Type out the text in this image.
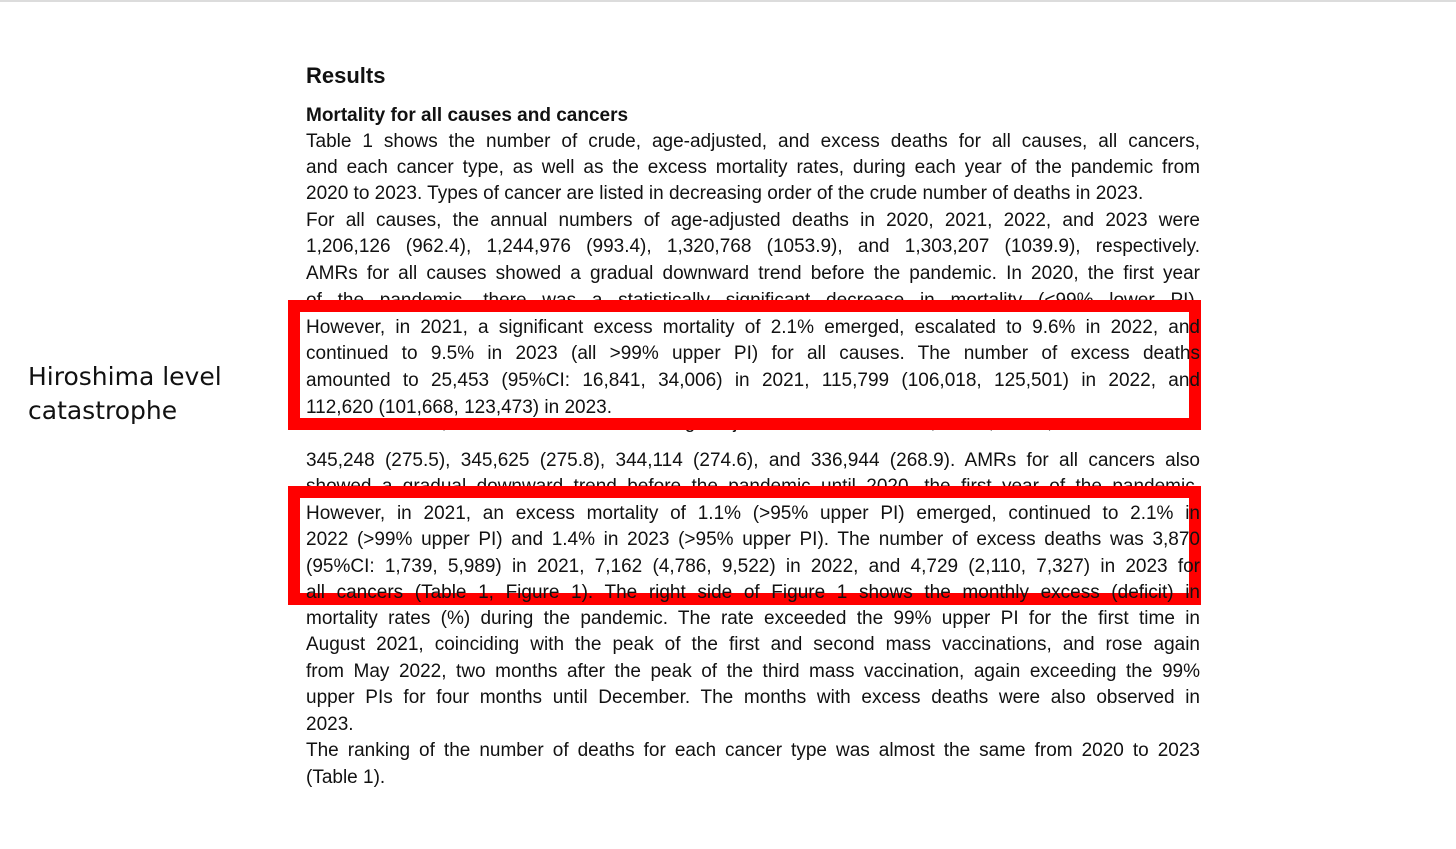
Hiroshima level
catastrophe
Results
Mortality for all causes and cancers
Table 1 shows the number of crude, age-adjusted, and excess deaths for all causes, all cancers,
and each cancer type, as well as the excess mortality rates, during each year of the pandemic from
2020 to 2023. Types of cancer are listed in decreasing order of the crude number of deaths in 2023.
For all causes, the annual numbers of age-adjusted deaths in 2020, 2021, 2022, and 2023 were
1,206,126 (962.4), 1,244,976 (993.4), 1,320,768 (1053.9), and 1,303,207 (1039.9), respectively.
AMRs for all causes showed a gradual downward trend before the pandemic. In 2020, the first year
345,248 (275.5), 345,625 (275.8), 344,114 (274.6), and 336,944 (268.9). AMRs for all cancers also
mortality rates (%) during the pandemic. The rate exceeded the 99% upper PI for the first time in
August 2021, coinciding with the peak of the first and second mass vaccinations, and rose again
from May 2022, two months after the peak of the third mass vaccination, again exceeding the 99%
upper PIs for four months until December. The months with excess deaths were also observed in
2023.
The ranking of the number of deaths for each cancer type was almost the same from 2020 to 2023
(Table 1).
However, in 2021, a significant excess mortality of 2.1% emerged, escalated to 9.6% in 2022, and
continued to 9.5% in 2023 (all >99% upper PI) for all causes. The number of excess deaths
amounted to 25,453 (95%CI: 16,841, 34,006) in 2021, 115,799 (106,018, 125,501) in 2022, and
112,620 (101,668, 123,473) in 2023.
However, in 2021, an excess mortality of 1.1% (>95% upper PI) emerged, continued to 2.1% in
2022 (>99% upper PI) and 1.4% in 2023 (>95% upper PI). The number of excess deaths was 3,870
(95%CI: 1,739, 5,989) in 2021, 7,162 (4,786, 9,522) in 2022, and 4,729 (2,110, 7,327) in 2023 for
all cancers (Table 1, Figure 1). The right side of Figure 1 shows the monthly excess (deficit) in
